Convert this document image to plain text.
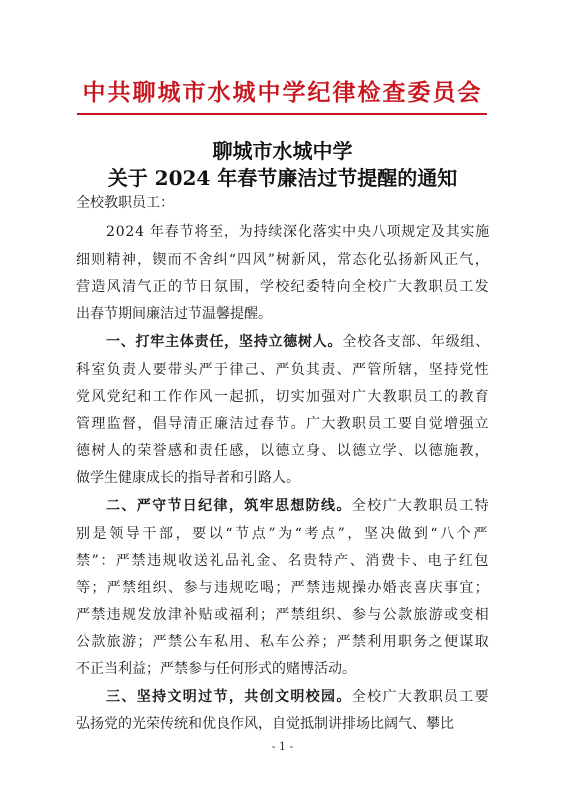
中共聊城市水城中学纪律检查委员会
聊城市水城中学
关于 2024 年春节廉洁过节提醒的通知
全校教职员工：
2024 年春节将至，为持续深化落实中央八项规定及其实施
细则精神，锲而不舍纠“四风”树新风，常态化弘扬新风正气，
营造风清气正的节日氛围，学校纪委特向全校广大教职员工发
出春节期间廉洁过节温馨提醒。
一、打牢主体责任，坚持立德树人。全校各支部、年级组、
科室负责人要带头严于律己、严负其责、严管所辖，坚持党性
党风党纪和工作作风一起抓，切实加强对广大教职员工的教育
管理监督，倡导清正廉洁过春节。广大教职员工要自觉增强立
德树人的荣誉感和责任感，以德立身、以德立学、以德施教，
做学生健康成长的指导者和引路人。
二、严守节日纪律，筑牢思想防线。全校广大教职员工特
别是领导干部，要以“节点”为“考点”，坚决做到“八个严
禁”：严禁违规收送礼品礼金、名贵特产、消费卡、电子红包
等；严禁组织、参与违规吃喝；严禁违规操办婚丧喜庆事宜；
严禁违规发放津补贴或福利；严禁组织、参与公款旅游或变相
公款旅游；严禁公车私用、私车公养；严禁利用职务之便谋取
不正当利益；严禁参与任何形式的赌博活动。
三、坚持文明过节，共创文明校园。全校广大教职员工要
弘扬党的光荣传统和优良作风，自觉抵制讲排场比阔气、攀比
- 1 -
